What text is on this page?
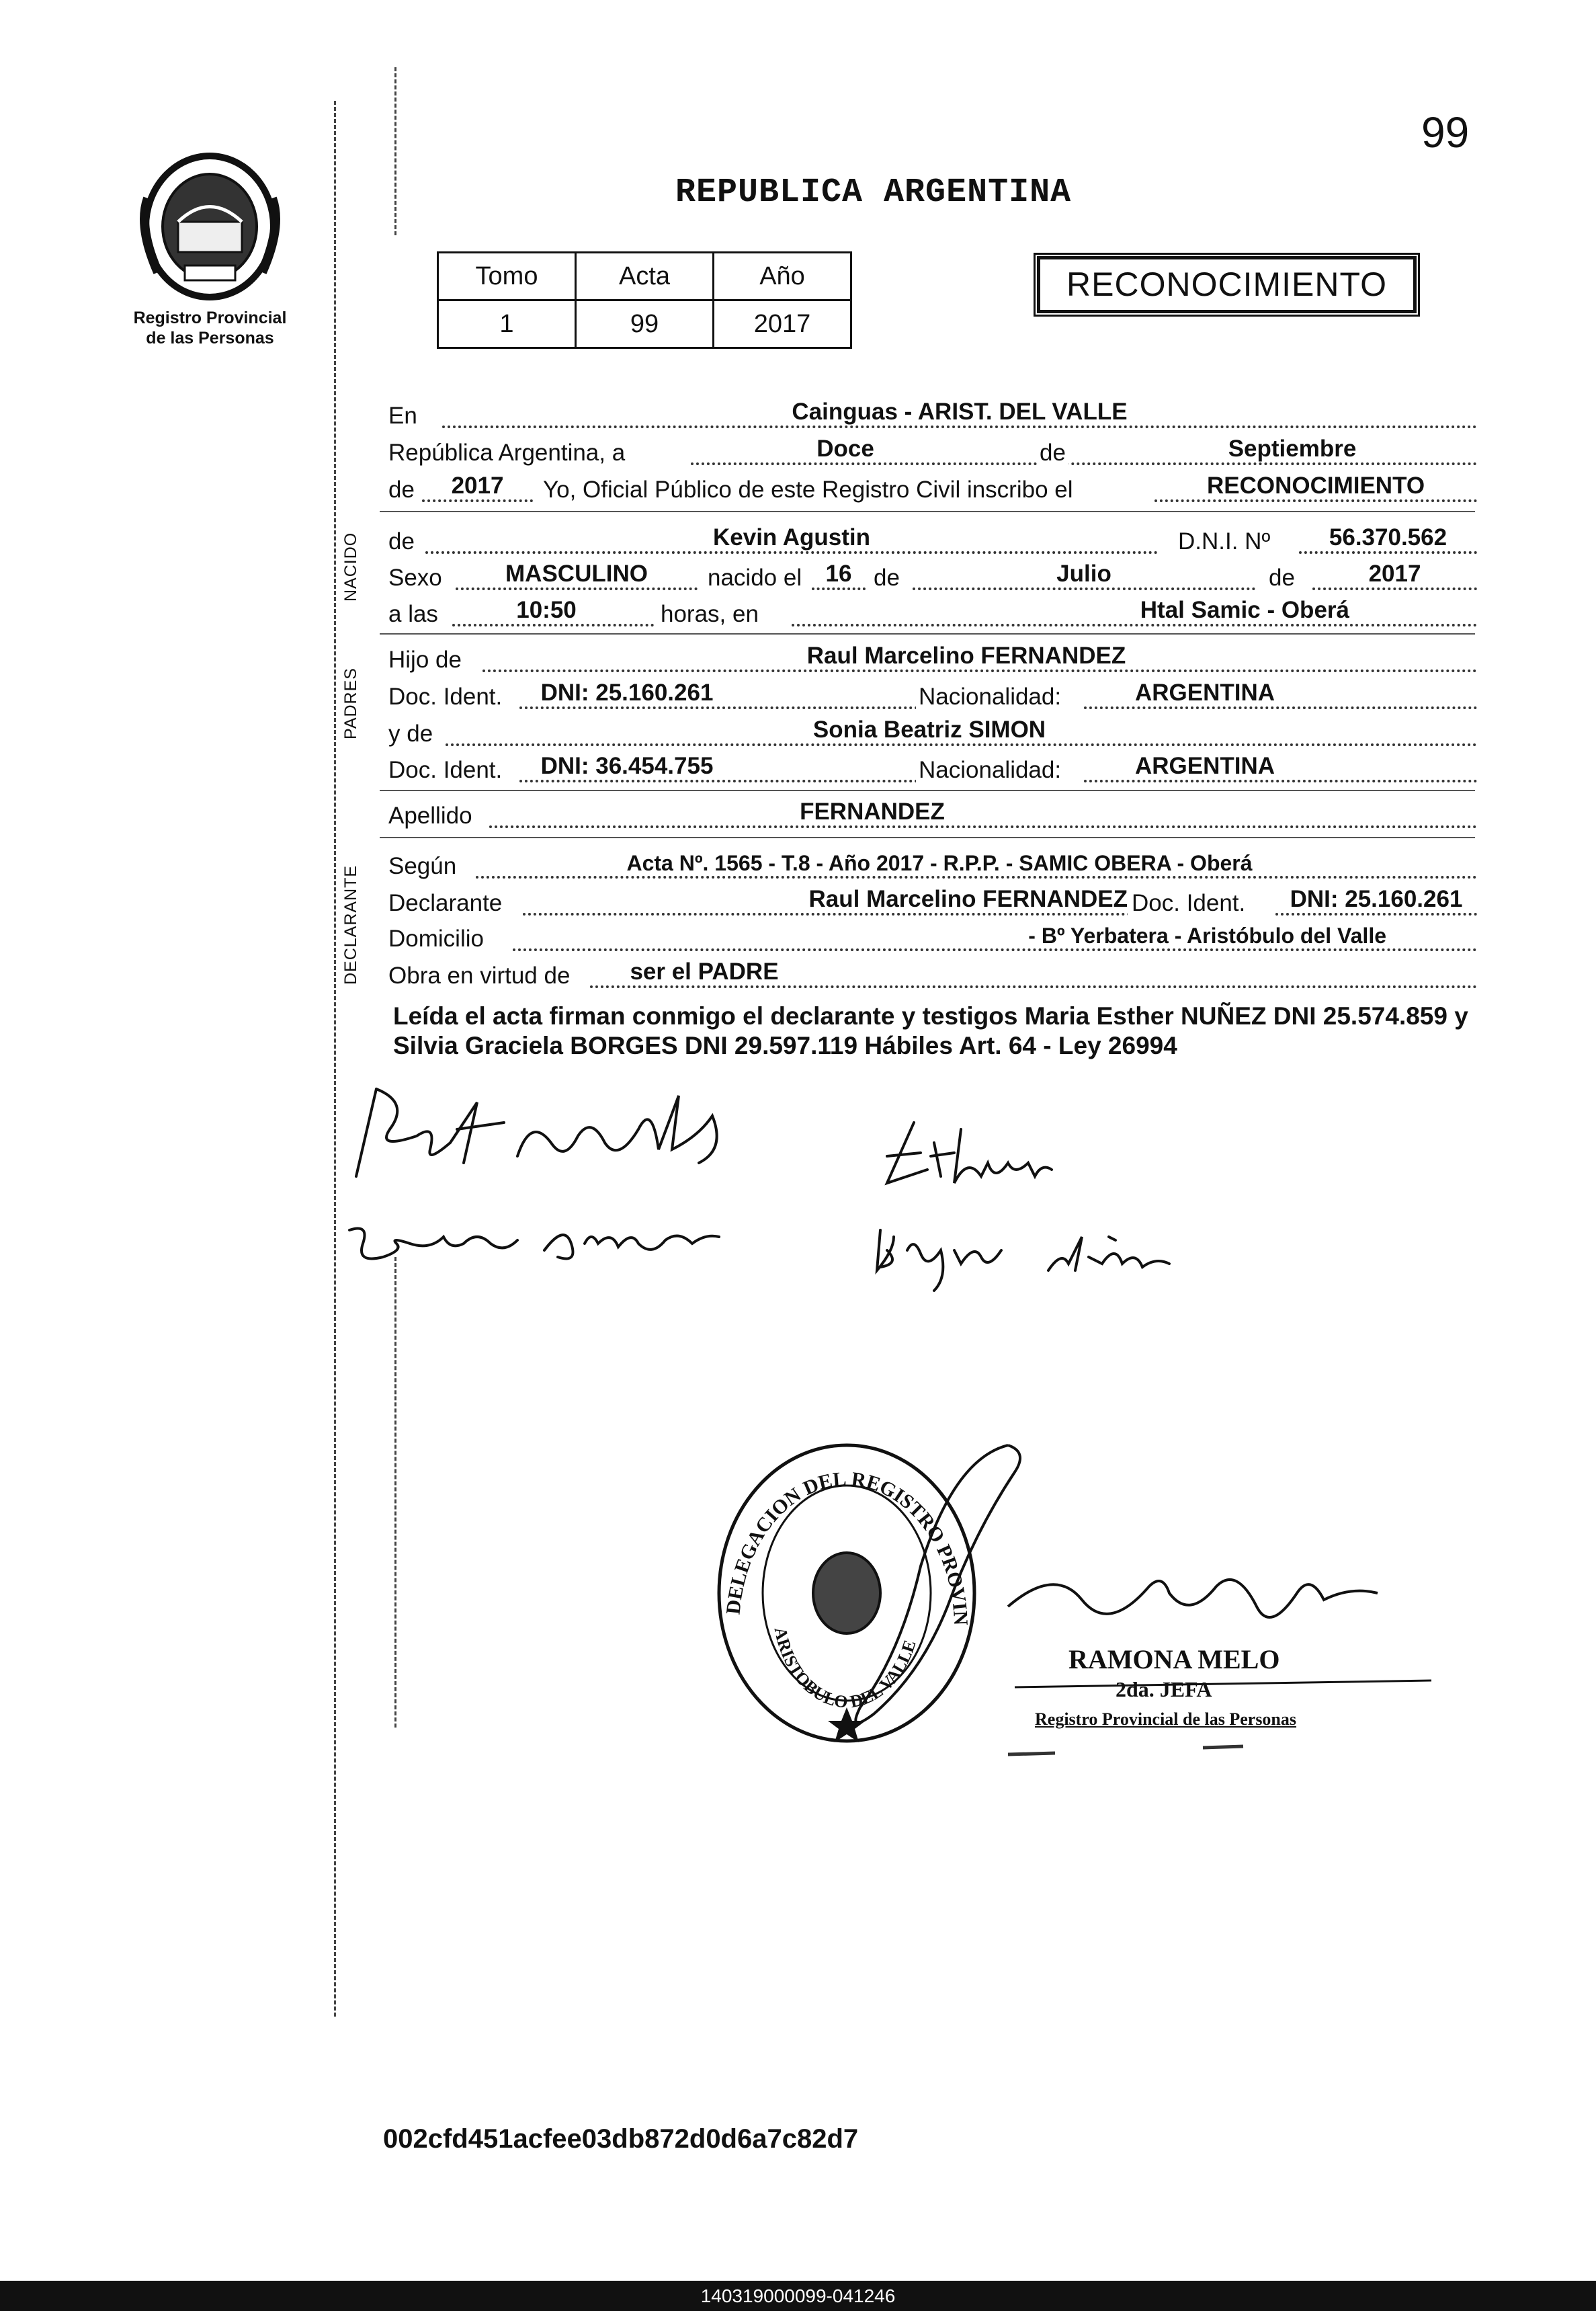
Registro Provincial
de las Personas
99
REPUBLICA ARGENTINA
Tomo	Acta	Año
1	99	2017
RECONOCIMIENTO
En	Cainguas - ARIST. DEL VALLE
República Argentina, a	Doce	de	Septiembre
de	2017	Yo, Oficial Público de este Registro Civil inscribo el	RECONOCIMIENTO
NACIDO de	Kevin Agustin	D.N.I. Nº	56.370.562
Sexo	MASCULINO	nacido el	16 de	Julio	de	2017
a las	10:50	horas, en	Htal Samic - Oberá
PADRES
Hijo de	Raul Marcelino FERNANDEZ
Doc. Ident.	DNI: 25.160.261	Nacionalidad:	ARGENTINA
y de	Sonia Beatriz SIMON
Doc. Ident.	DNI: 36.454.755	Nacionalidad:	ARGENTINA
Apellido	FERNANDEZ
DECLARANTE Según	Acta Nº. 1565 - T.8 - Año 2017 - R.P.P. - SAMIC OBERA - Oberá
Declarante	Raul Marcelino FERNANDEZ Doc. Ident.	DNI: 25.160.261
Domicilio	- Bº Yerbatera - Aristóbulo del Valle
Obra en virtud de	ser el PADRE
Leída el acta firman conmigo el declarante y testigos Maria Esther NUÑEZ DNI 25.574.859 y Silvia Graciela BORGES DNI 29.597.119 Hábiles Art. 64 - Ley 26994
DELEGACION DEL REGISTRO PROVINCIAL DE LAS PERSONAS
ARISTOBULO DEL VALLE	RAMONA MELO
2da. JEFA
Registro Provincial de las Personas
002cfd451acfee03db872d0d6a7c82d7
140319000099-041246
